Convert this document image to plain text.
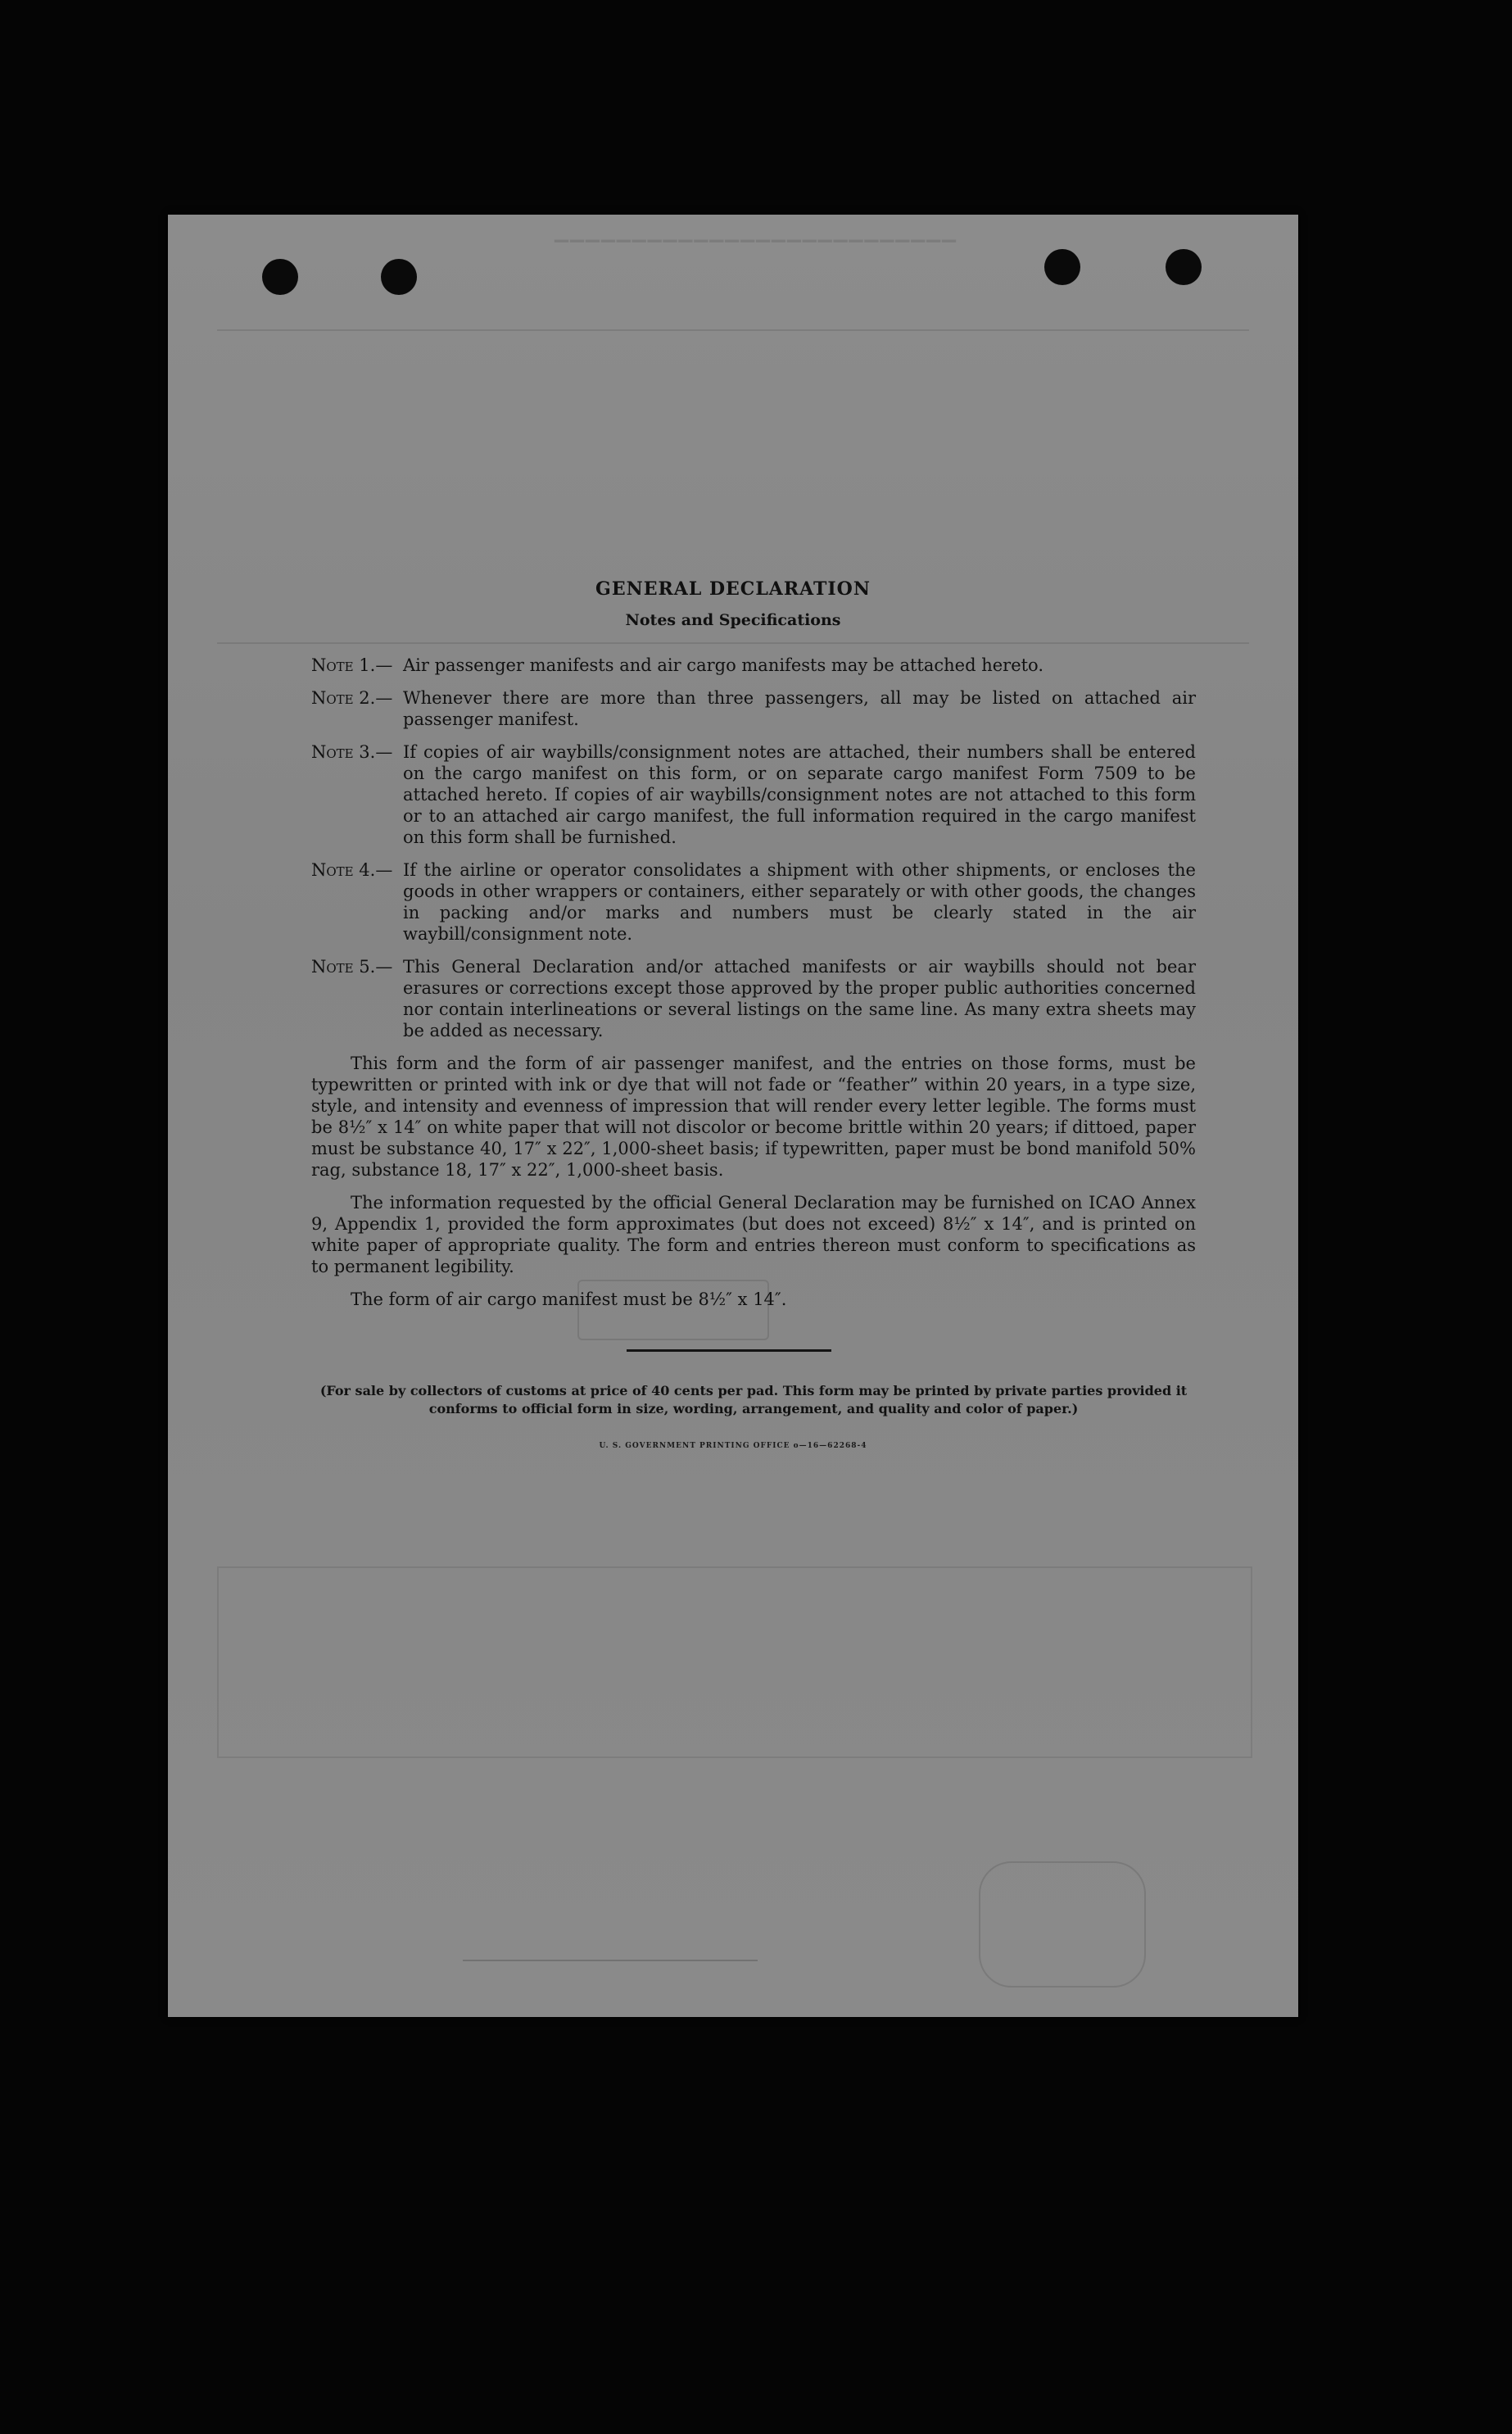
▔▔▔▔▔▔▔▔▔▔▔▔▔▔▔▔▔▔▔▔▔▔▔▔▔▔
GENERAL DECLARATION
Notes and Specifications
Note 1.— Air passenger manifests and air cargo manifests may be attached hereto.
Note 2.— Whenever there are more than three passengers, all may be listed on attached air passenger manifest.
Note 3.— If copies of air waybills/consignment notes are attached, their numbers shall be entered on the cargo manifest on this form, or on separate cargo manifest Form 7509 to be attached hereto. If copies of air waybills/consignment notes are not attached to this form or to an attached air cargo manifest, the full information required in the cargo manifest on this form shall be furnished.
Note 4.— If the airline or operator consolidates a shipment with other shipments, or encloses the goods in other wrappers or containers, either separately or with other goods, the changes in packing and/or marks and numbers must be clearly stated in the air waybill/consignment note.
Note 5.— This General Declaration and/or attached manifests or air waybills should not bear erasures or corrections except those approved by the proper public authorities concerned nor contain interlineations or several listings on the same line. As many extra sheets may be added as necessary.
This form and the form of air passenger manifest, and the entries on those forms, must be typewritten or printed with ink or dye that will not fade or “feather” within 20 years, in a type size, style, and intensity and evenness of impression that will render every letter legible. The forms must be 8½″ x 14″ on white paper that will not discolor or become brittle within 20 years; if dittoed, paper must be substance 40, 17″ x 22″, 1,000-sheet basis; if typewritten, paper must be bond manifold 50% rag, substance 18, 17″ x 22″, 1,000-sheet basis.
The information requested by the official General Declaration may be furnished on ICAO Annex 9, Appendix 1, provided the form approximates (but does not exceed) 8½″ x 14″, and is printed on white paper of appropriate quality. The form and entries thereon must conform to specifications as to permanent legibility.
The form of air cargo manifest must be 8½″ x 14″.
(For sale by collectors of customs at price of 40 cents per pad. This form may be printed by private parties provided it conforms to official form in size, wording, arrangement, and quality and color of paper.)
U. S. GOVERNMENT PRINTING OFFICE o—16—62268-4
